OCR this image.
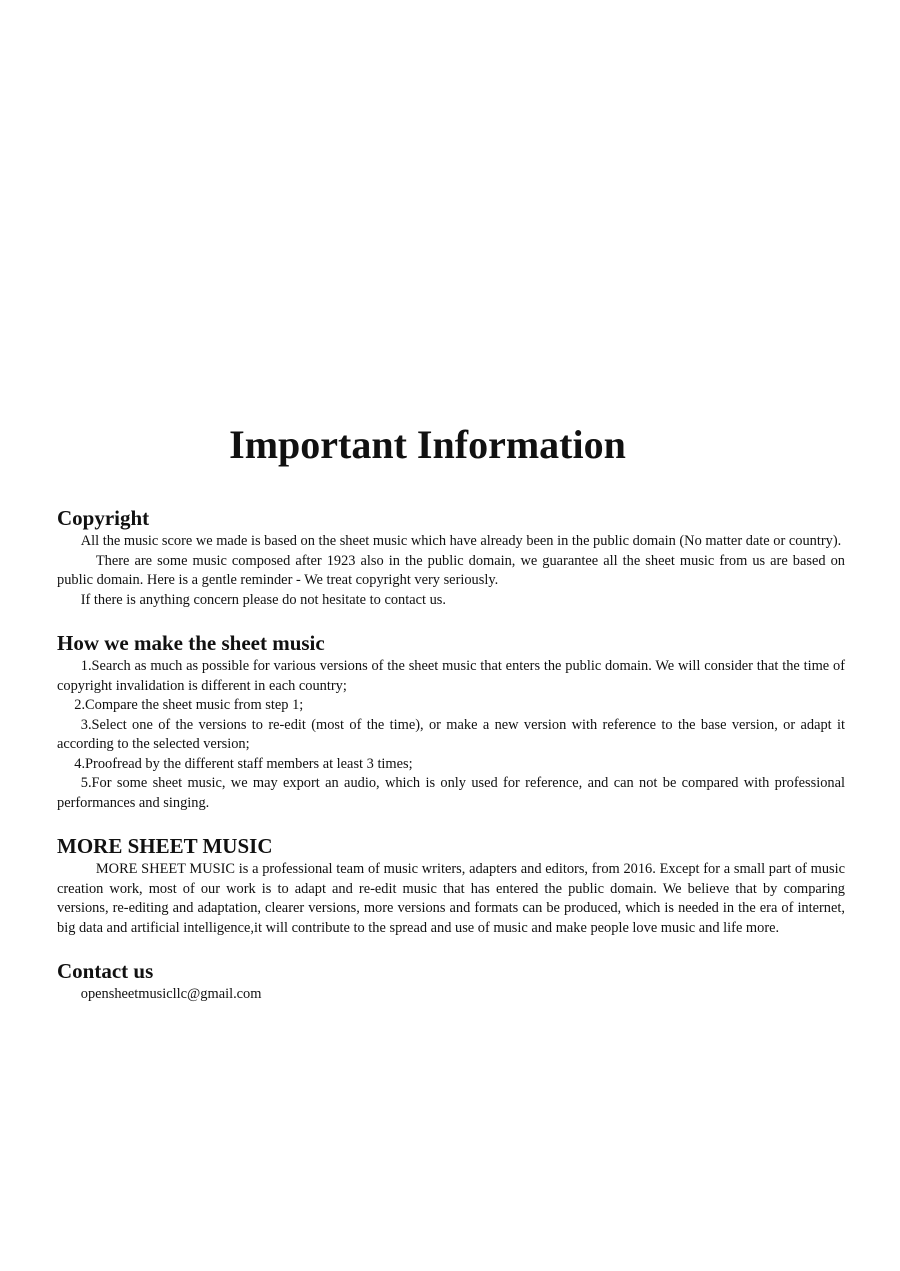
Important Information
Copyright

All the music score we made is based on the sheet music which have already been in the public domain (No matter date or country).

There are some music composed after 1923 also in the public domain, we guarantee all the sheet music from us are based on public domain. Here is a gentle reminder - We treat copyright very seriously.

If there is anything concern please do not hesitate to contact us.

How we make the sheet music

1.Search as much as possible for various versions of the sheet music that enters the public domain. We will consider that the time of copyright invalidation is different in each country;

2.Compare the sheet music from step 1;

3.Select one of the versions to re-edit (most of the time), or make a new version with reference to the base version, or adapt it according to the selected version;

4.Proofread by the different staff members at least 3 times;

5.For some sheet music, we may export an audio, which is only used for reference, and can not be compared with professional performances and singing.

MORE SHEET MUSIC

MORE SHEET MUSIC is a professional team of music writers, adapters and editors, from 2016. Except for a small part of music creation work, most of our work is to adapt and re-edit music that has entered the public domain. We believe that by comparing versions, re-editing and adaptation, clearer versions, more versions and formats can be produced, which is needed in the era of internet, big data and artificial intelligence,it will contribute to the spread and use of music and make people love music and life more.

Contact us

opensheetmusicllc@gmail.com
